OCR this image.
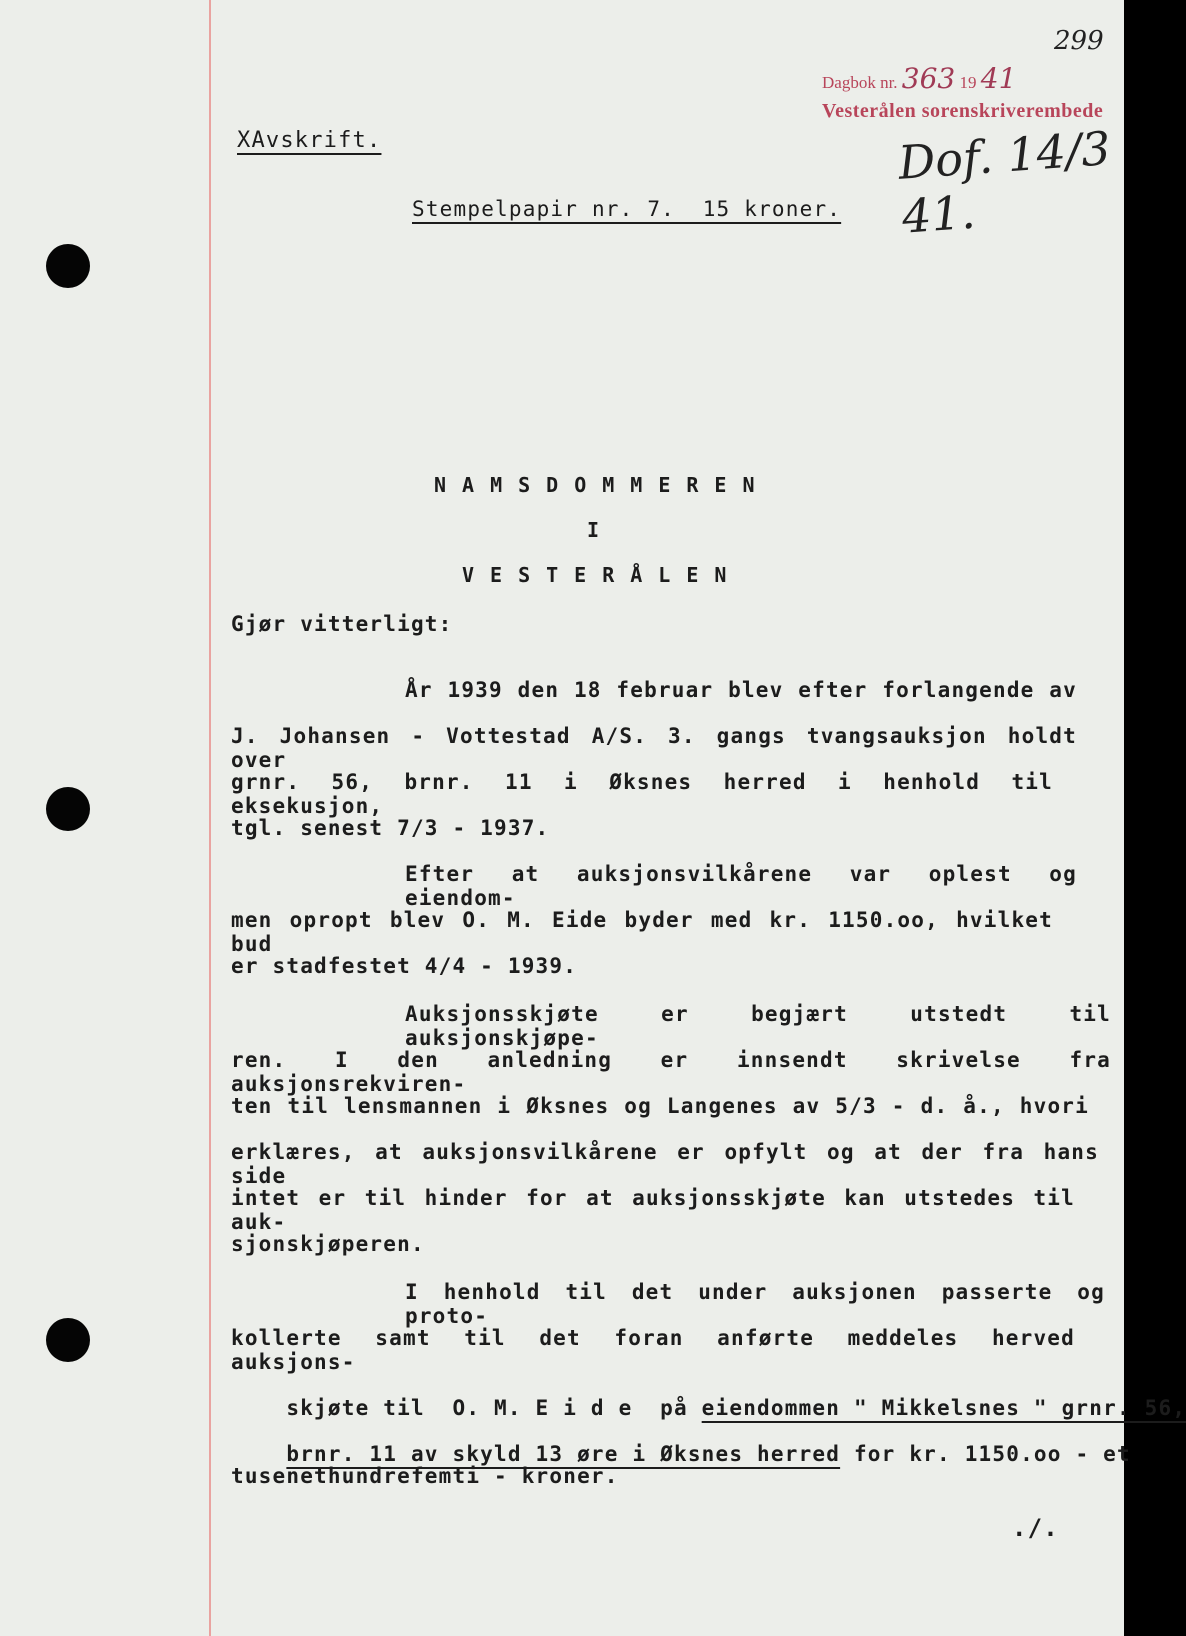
299
Dagbok nr. 363 19 41
Vesterålen sorenskriverembede
Dof. 14/3 41.
XAvskrift.
Stempelpapir nr. 7.  15 kroner.
NAMSDOMMEREN
I
VESTERÅLEN
Gjør vitterligt:
År 1939 den 18 februar blev efter forlangende av
J. Johansen - Vottestad A/S. 3. gangs tvangsauksjon holdt over
grnr. 56, brnr. 11 i Øksnes herred i henhold til eksekusjon,
tgl. senest 7/3 - 1937.
Efter at auksjonsvilkårene var oplest og eiendom-
men opropt blev O. M. Eide byder med kr. 1150.oo, hvilket bud
er stadfestet 4/4 - 1939.
Auksjonsskjøte er begjært utstedt til auksjonskjøpe-
ren. I den anledning er innsendt skrivelse fra auksjonsrekviren-
ten til lensmannen i Øksnes og Langenes av 5/3 - d. å., hvori
erklæres, at auksjonsvilkårene er opfylt og at der fra hans side
intet er til hinder for at auksjonsskjøte kan utstedes til auk-
sjonskjøperen.
I henhold til det under auksjonen passerte og proto-
kollerte samt til det foran anførte meddeles herved auksjons-

skjøte til  O. M. E i d e  på eiendommen " Mikkelsnes " grnr. 56,

brnr. 11 av skyld 13 øre i Øksnes herred for kr. 1150.oo - et

tusenethundrefemti - kroner.
./.
